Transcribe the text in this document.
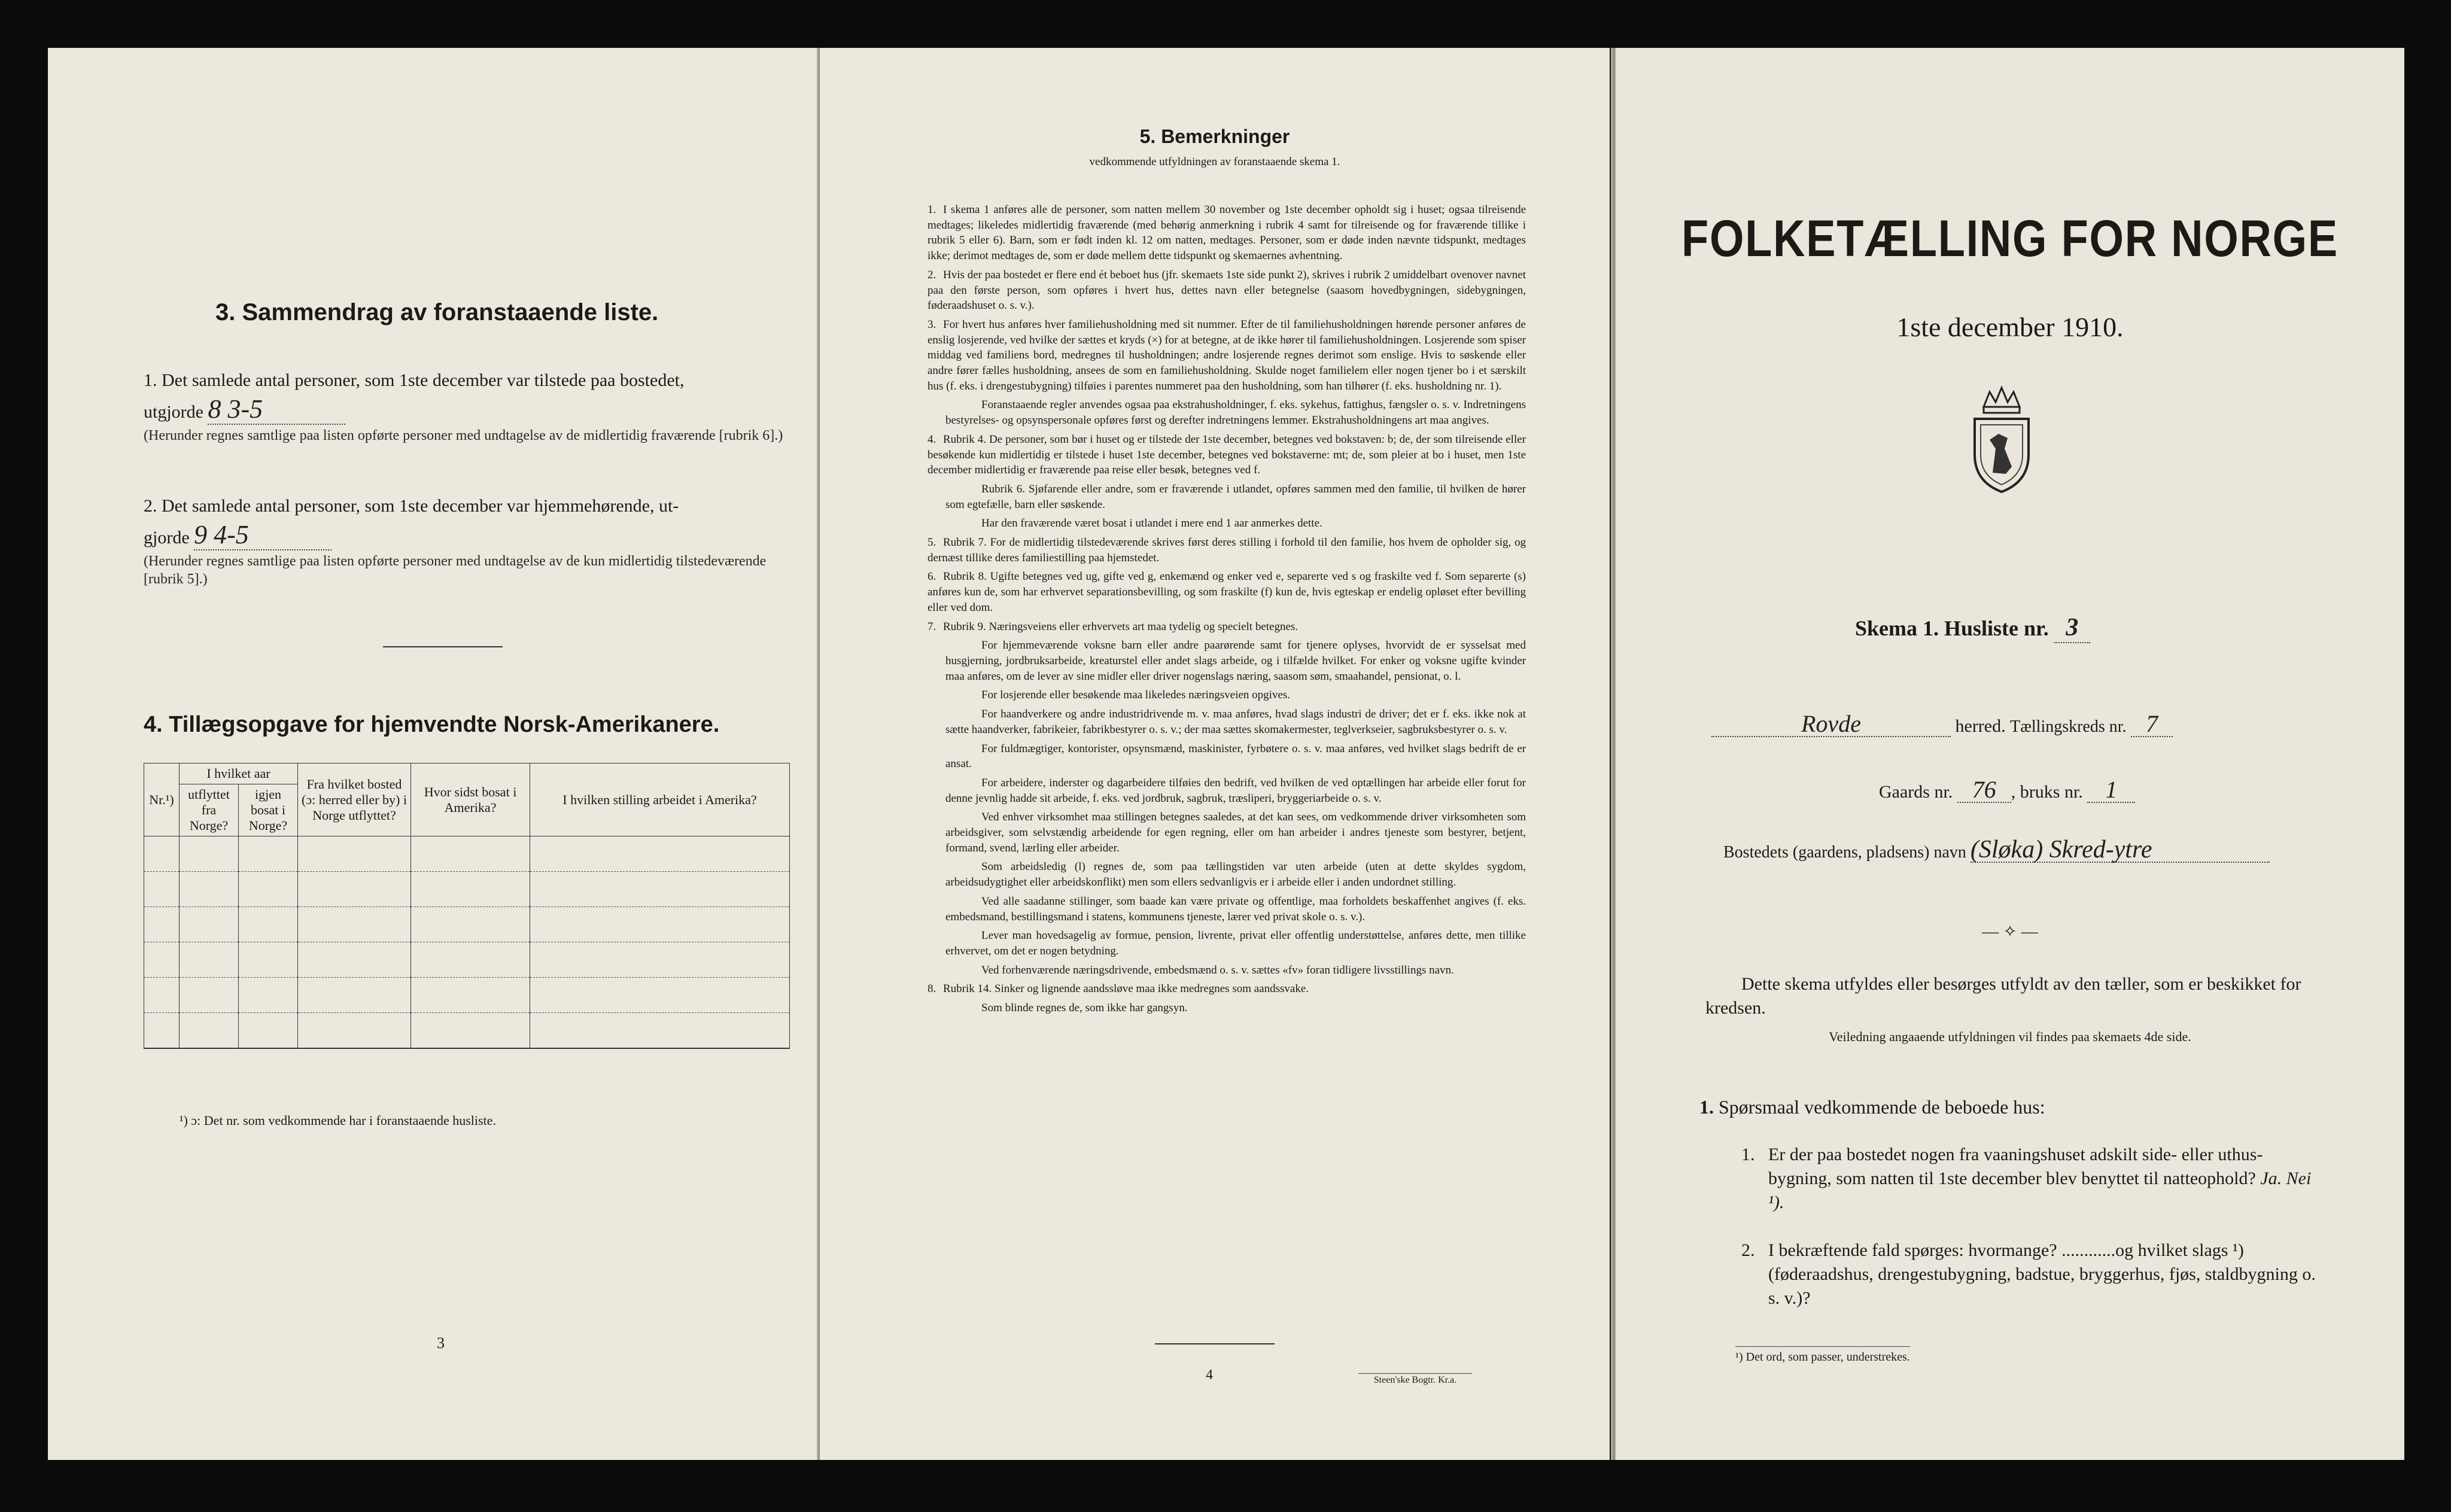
3. Sammendrag av foranstaaende liste.
1. Det samlede antal personer, som 1ste december var tilstede paa bostedet,
utgjorde 8 3-5
(Herunder regnes samtlige paa listen opførte personer med undtagelse av de midlertidig fraværende [rubrik 6].)
2. Det samlede antal personer, som 1ste december var hjemmehørende, ut-
gjorde 9 4-5
(Herunder regnes samtlige paa listen opførte personer med undtagelse av de kun midlertidig tilstedeværende [rubrik 5].)
4. Tillægsopgave for hjemvendte Norsk-Amerikanere.
Nr.¹)	I hvilket aar		Fra hvilket bosted (ɔ: herred eller by) i Norge utflyttet?	Hvor sidst bosat i Amerika?	I hvilken stilling arbeidet i Amerika?
	utflyttet fra Norge?	igjen bosat i Norge?			

¹) ɔ: Det nr. som vedkommende har i foranstaaende husliste.
3
5. Bemerkninger
vedkommende utfyldningen av foranstaaende skema 1.

1. I skema 1 anføres alle de personer, som natten mellem 30 november og 1ste december opholdt sig i huset; ogsaa tilreisende medtages; likeledes midlertidig fraværende (med behørig anmerkning i rubrik 4 samt for tilreisende og for fraværende tillike i rubrik 5 eller 6). Barn, som er født inden kl. 12 om natten, medtages. Personer, som er døde inden nævnte tidspunkt, medtages ikke; derimot medtages de, som er døde mellem dette tidspunkt og skemaernes avhentning.

2. Hvis der paa bostedet er flere end ét beboet hus (jfr. skemaets 1ste side punkt 2), skrives i rubrik 2 umiddelbart ovenover navnet paa den første person, som opføres i hvert hus, dettes navn eller betegnelse (saasom hovedbygningen, sidebygningen, føderaadshuset o. s. v.).

3. For hvert hus anføres hver familiehusholdning med sit nummer. Efter de til familiehusholdningen hørende personer anføres de enslig losjerende, ved hvilke der sættes et kryds (×) for at betegne, at de ikke hører til familiehusholdningen. Losjerende som spiser middag ved familiens bord, medregnes til husholdningen; andre losjerende regnes derimot som enslige. Hvis to søskende eller andre fører fælles husholdning, ansees de som en familiehusholdning. Skulde noget familielem eller nogen tjener bo i et særskilt hus (f. eks. i drengestubygning) tilføies i parentes nummeret paa den husholdning, som han tilhører (f. eks. husholdning nr. 1).

Foranstaaende regler anvendes ogsaa paa ekstrahusholdninger, f. eks. sykehus, fattighus, fængsler o. s. v. Indretningens bestyrelses- og opsynspersonale opføres først og derefter indretningens lemmer. Ekstrahusholdningens art maa angives.

4. Rubrik 4. De personer, som bør i huset og er tilstede der 1ste december, betegnes ved bokstaven: b; de, der som tilreisende eller besøkende kun midlertidig er tilstede i huset 1ste december, betegnes ved bokstaverne: mt; de, som pleier at bo i huset, men 1ste december midlertidig er fraværende paa reise eller besøk, betegnes ved f.

Rubrik 6. Sjøfarende eller andre, som er fraværende i utlandet, opføres sammen med den familie, til hvilken de hører som egtefælle, barn eller søskende.

Har den fraværende været bosat i utlandet i mere end 1 aar anmerkes dette.

5. Rubrik 7. For de midlertidig tilstedeværende skrives først deres stilling i forhold til den familie, hos hvem de opholder sig, og dernæst tillike deres familiestilling paa hjemstedet.

6. Rubrik 8. Ugifte betegnes ved ug, gifte ved g, enkemænd og enker ved e, separerte ved s og fraskilte ved f. Som separerte (s) anføres kun de, som har erhvervet separationsbevilling, og som fraskilte (f) kun de, hvis egteskap er endelig opløset efter bevilling eller ved dom.

7. Rubrik 9. Næringsveiens eller erhvervets art maa tydelig og specielt betegnes.

For hjemmeværende voksne barn eller andre paarørende samt for tjenere oplyses, hvorvidt de er sysselsat med husgjerning, jordbruksarbeide, kreaturstel eller andet slags arbeide, og i tilfælde hvilket. For enker og voksne ugifte kvinder maa anføres, om de lever av sine midler eller driver nogenslags næring, saasom søm, smaahandel, pensionat, o. l.

For losjerende eller besøkende maa likeledes næringsveien opgives.

For haandverkere og andre industridrivende m. v. maa anføres, hvad slags industri de driver; det er f. eks. ikke nok at sætte haandverker, fabrikeier, fabrikbestyrer o. s. v.; der maa sættes skomakermester, teglverkseier, sagbruksbestyrer o. s. v.

For fuldmægtiger, kontorister, opsynsmænd, maskinister, fyrbøtere o. s. v. maa anføres, ved hvilket slags bedrift de er ansat.

For arbeidere, inderster og dagarbeidere tilføies den bedrift, ved hvilken de ved optællingen har arbeide eller forut for denne jevnlig hadde sit arbeide, f. eks. ved jordbruk, sagbruk, træsliperi, bryggeriarbeide o. s. v.

Ved enhver virksomhet maa stillingen betegnes saaledes, at det kan sees, om vedkommende driver virksomheten som arbeidsgiver, som selvstændig arbeidende for egen regning, eller om han arbeider i andres tjeneste som bestyrer, betjent, formand, svend, lærling eller arbeider.

Som arbeidsledig (l) regnes de, som paa tællingstiden var uten arbeide (uten at dette skyldes sygdom, arbeidsudygtighet eller arbeidskonflikt) men som ellers sedvanligvis er i arbeide eller i anden undordnet stilling.

Ved alle saadanne stillinger, som baade kan være private og offentlige, maa forholdets beskaffenhet angives (f. eks. embedsmand, bestillingsmand i statens, kommunens tjeneste, lærer ved privat skole o. s. v.).

Lever man hovedsagelig av formue, pension, livrente, privat eller offentlig understøttelse, anføres dette, men tillike erhvervet, om det er nogen betydning.

Ved forhenværende næringsdrivende, embedsmænd o. s. v. sættes «fv» foran tidligere livsstillings navn.

8. Rubrik 14. Sinker og lignende aandssløve maa ikke medregnes som aandssvake.

Som blinde regnes de, som ikke har gangsyn.

4	Steen'ske Bogtr. Kr.a.
FOLKETÆLLING FOR NORGE
1ste december 1910.
Skema 1. Husliste nr. 3
Rovde	herred. Tællingskreds nr. 7
Gaards nr. 76 , bruks nr. 1
Bostedets (gaardens, pladsens) navn (Sløka) Skred-ytre
— ✧ —
Dette skema utfyldes eller besørges utfyldt av den tæller, som er beskikket for kredsen.
Veiledning angaaende utfyldningen vil findes paa skemaets 4de side.
1. Spørsmaal vedkommende de beboede hus:
1. Er der paa bostedet nogen fra vaaningshuset adskilt side- eller uthus-bygning, som natten til 1ste december blev benyttet til natteophold? Ja. Nei ¹).
2. I bekræftende fald spørges: hvormange? ............og hvilket slags ¹) (føderaadshus, drengestubygning, badstue, bryggerhus, fjøs, staldbygning o. s. v.)?
¹) Det ord, som passer, understrekes.
